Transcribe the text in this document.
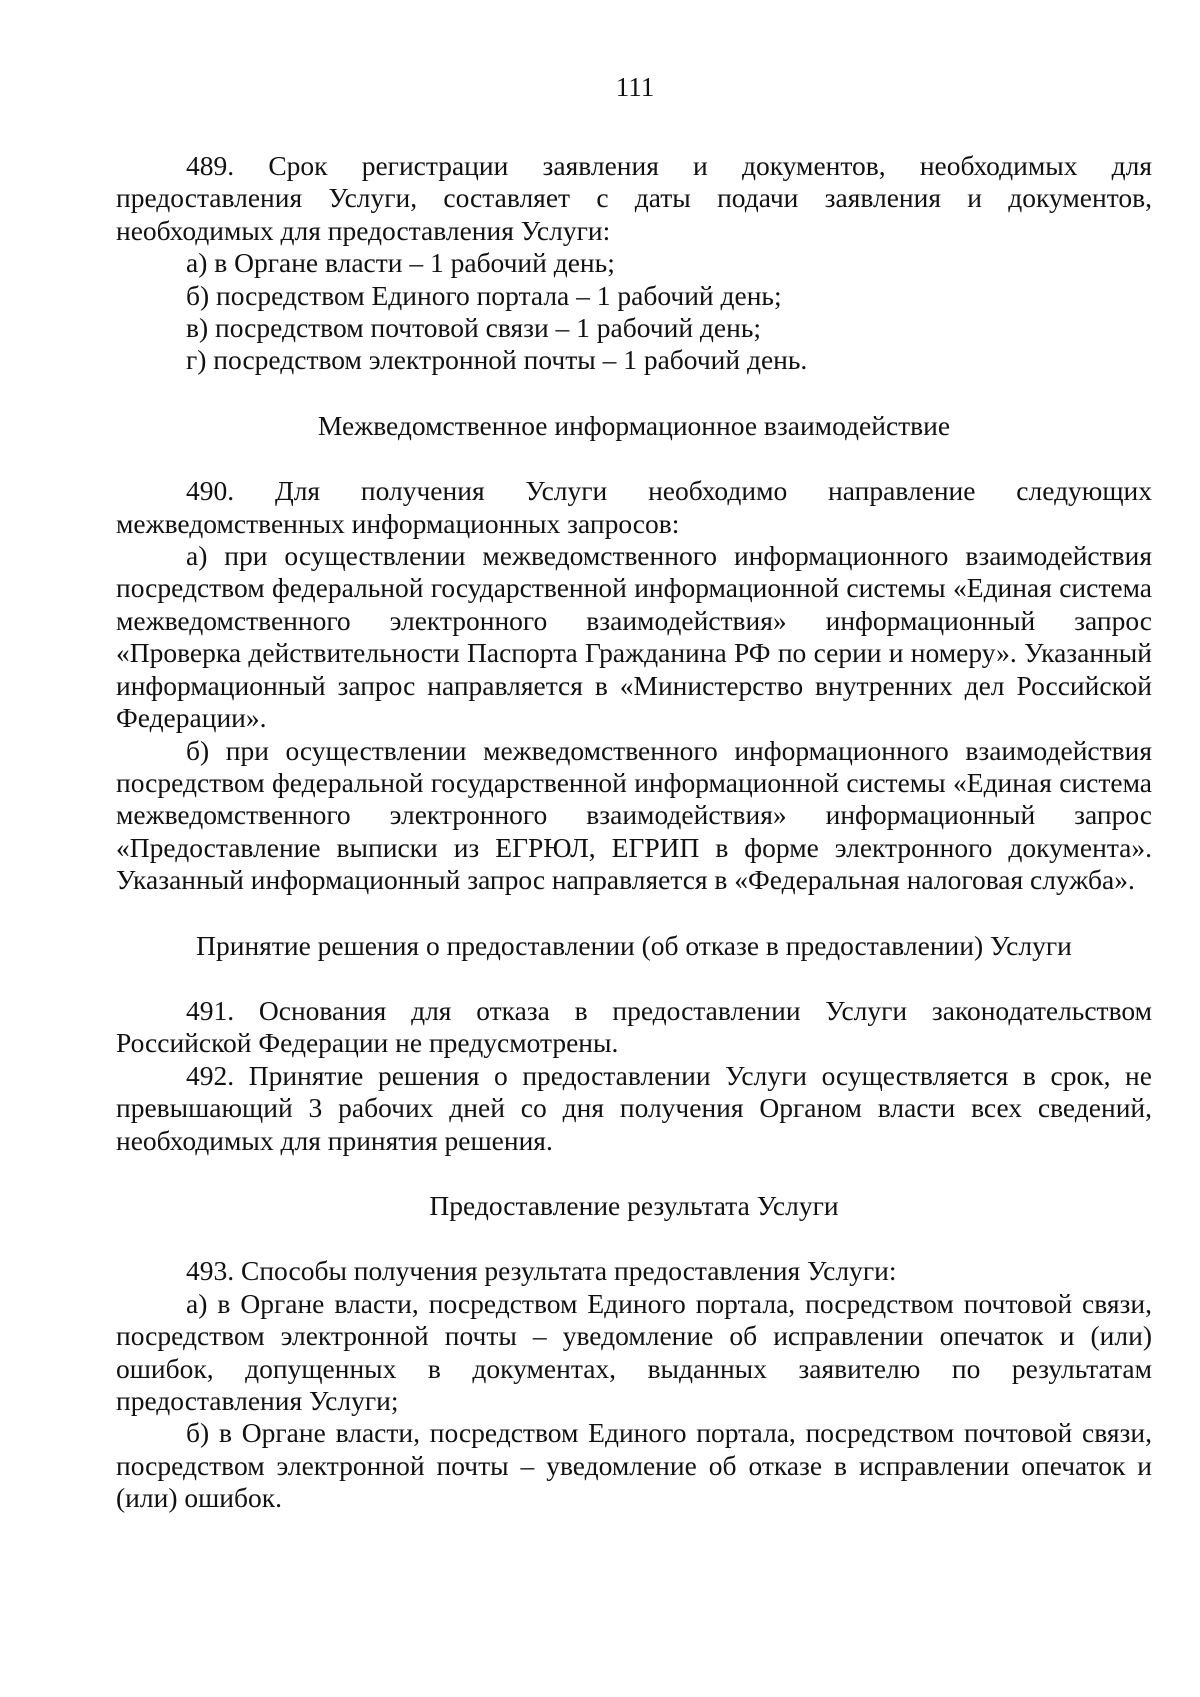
111

489. Срок регистрации заявления и документов, необходимых для предоставления Услуги, составляет с даты подачи заявления и документов, необходимых для предоставления Услуги:

а) в Органе власти – 1 рабочий день;

б) посредством Единого портала – 1 рабочий день;

в) посредством почтовой связи – 1 рабочий день;

г) посредством электронной почты – 1 рабочий день.

Межведомственное информационное взаимодействие

490. Для получения Услуги необходимо направление следующих межведомственных информационных запросов:

а) при осуществлении межведомственного информационного взаимодействия посредством федеральной государственной информационной системы «Единая система межведомственного электронного взаимодействия» информационный запрос «Проверка действительности Паспорта Гражданина РФ по серии и номеру». Указанный информационный запрос направляется в «Министерство внутренних дел Российской Федерации».

б) при осуществлении межведомственного информационного взаимодействия посредством федеральной государственной информационной системы «Единая система межведомственного электронного взаимодействия» информационный запрос «Предоставление выписки из ЕГРЮЛ, ЕГРИП в форме электронного документа». Указанный информационный запрос направляется в «Федеральная налоговая служба».

Принятие решения о предоставлении (об отказе в предоставлении) Услуги

491. Основания для отказа в предоставлении Услуги законодательством Российской Федерации не предусмотрены.

492. Принятие решения о предоставлении Услуги осуществляется в срок, не превышающий 3 рабочих дней со дня получения Органом власти всех сведений, необходимых для принятия решения.

Предоставление результата Услуги

493. Способы получения результата предоставления Услуги:

а) в Органе власти, посредством Единого портала, посредством почтовой связи, посредством электронной почты – уведомление об исправлении опечаток и (или) ошибок, допущенных в документах, выданных заявителю по результатам предоставления Услуги;

б) в Органе власти, посредством Единого портала, посредством почтовой связи, посредством электронной почты – уведомление об отказе в исправлении опечаток и (или) ошибок.
